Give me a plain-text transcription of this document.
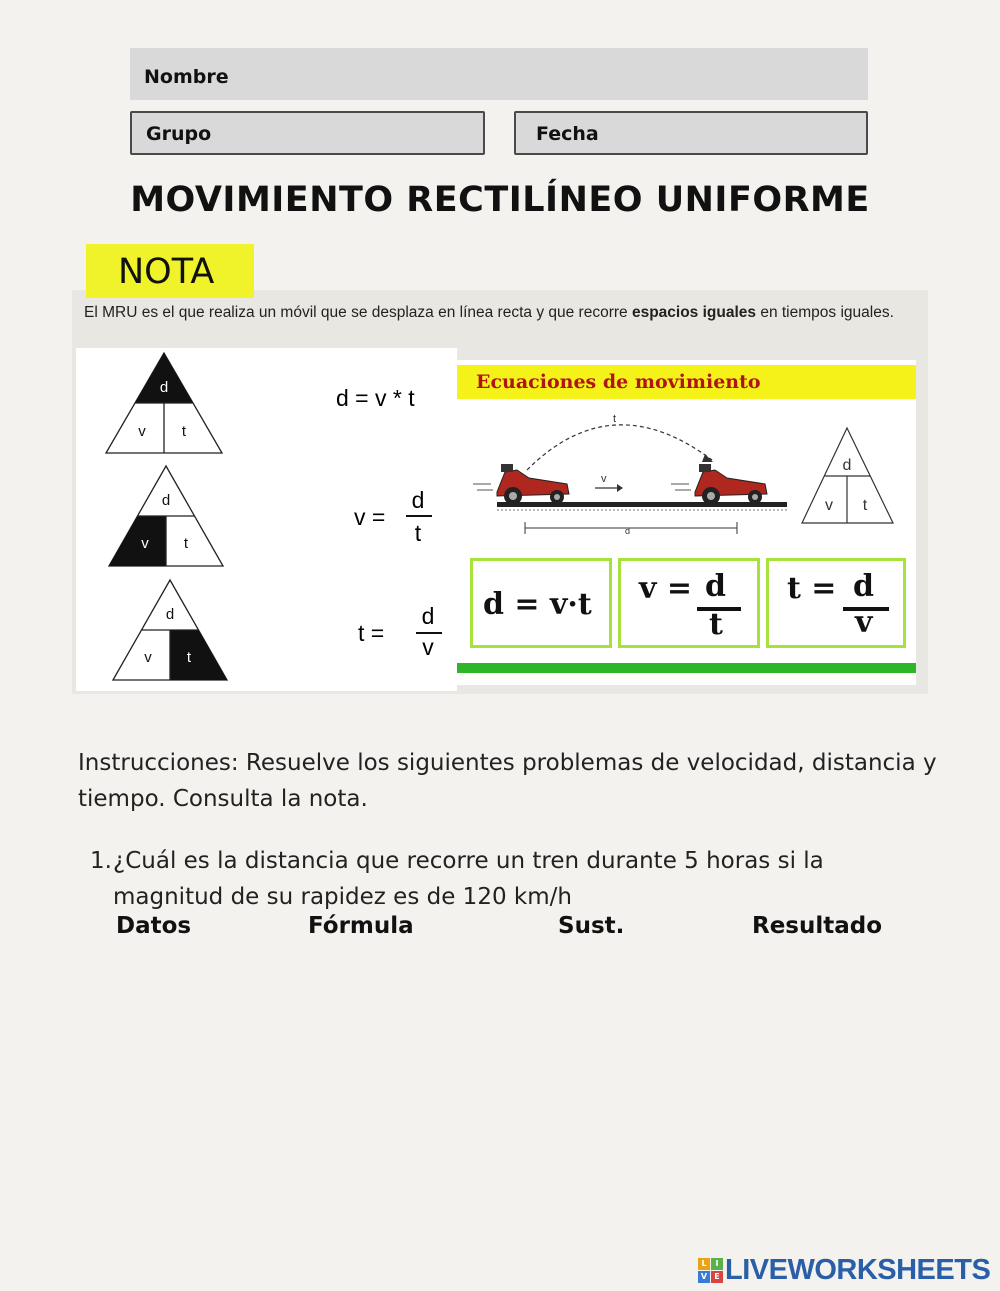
Nombre
Grupo	Fecha
MOVIMIENTO RECTILÍNEO UNIFORME
NOTA
El MRU es el que realiza un móvil que se desplaza en línea recta y que recorre espacios iguales en tiempos iguales.
d
v t
d
v t
d
v t
d = v * t
v =
d
t
t =
d
v
Ecuaciones de movimiento
t
v
d
d
v t
d = v·t v = d
t
t = d
v
Instrucciones: Resuelve los siguientes problemas de velocidad, distancia y tiempo. Consulta la nota.
1. ¿Cuál es la distancia que recorre un tren durante 5 horas si la magnitud de su rapidez es de 120 km/h
Datos	Fórmula	Sust.	Resultado
L	I
V E LIVEWORKSHEETS
